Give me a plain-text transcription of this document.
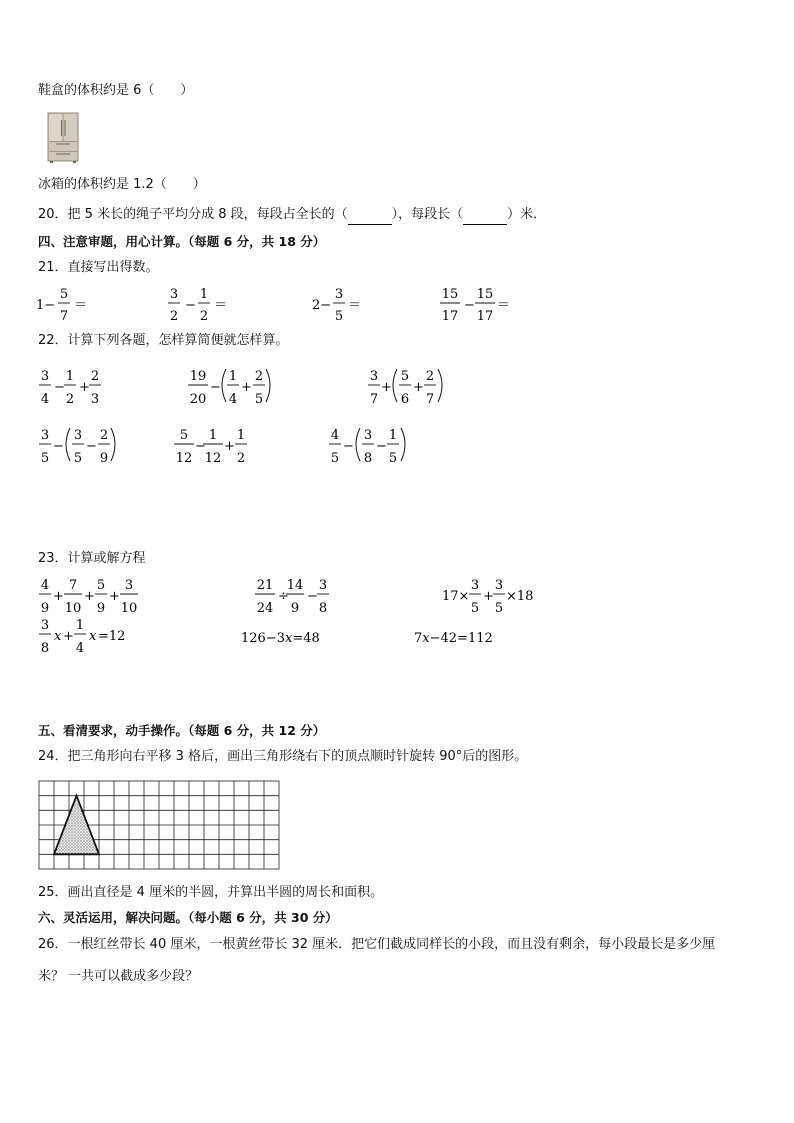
鞋盒的体积约是 6（　　）
冰箱的体积约是 1.2（　　）
20．把 5 米长的绳子平均分成 8 段，每段占全长的（　　　	），每段长（　　　	）米．
四、注意审题，用心计算。（每题 6 分，共 18 分）
21．直接写出得数。
1−
5
7
＝
3
2
−
1
2
＝	2−
3
5
＝
15
17
−
15
17
＝
22．计算下列各题，怎样算简便就怎样算。
3
4
−
1
2
+
2
3
19
20
−
1
4
+
2
5
3
7
+
5
6
+
2
7
3
5
−
3
5
−
2
9
5
12
−
1
12
+
1
2
4
5
−
3
8
−
1
5
23．计算或解方程
4
9
+
7
10
+
5
9
+
3
10
21
24
÷
14
9
−
3
8
17×
3
5
+
3
5
×18
3
8
x +
1
4
x =12	126−3x=48	7x−42=112
五、看清要求，动手操作。（每题 6 分，共 12 分）
24．把三角形向右平移 3 格后，画出三角形绕右下的顶点顺时针旋转 90°后的图形。
25．画出直径是 4 厘米的半圆，并算出半圆的周长和面积。
六、灵活运用，解决问题。（每小题 6 分，共 30 分）
26．一根红丝带长 40 厘米，一根黄丝带长 32 厘米．把它们截成同样长的小段，而且没有剩余，每小段最长是多少厘
米？ 一共可以截成多少段？
